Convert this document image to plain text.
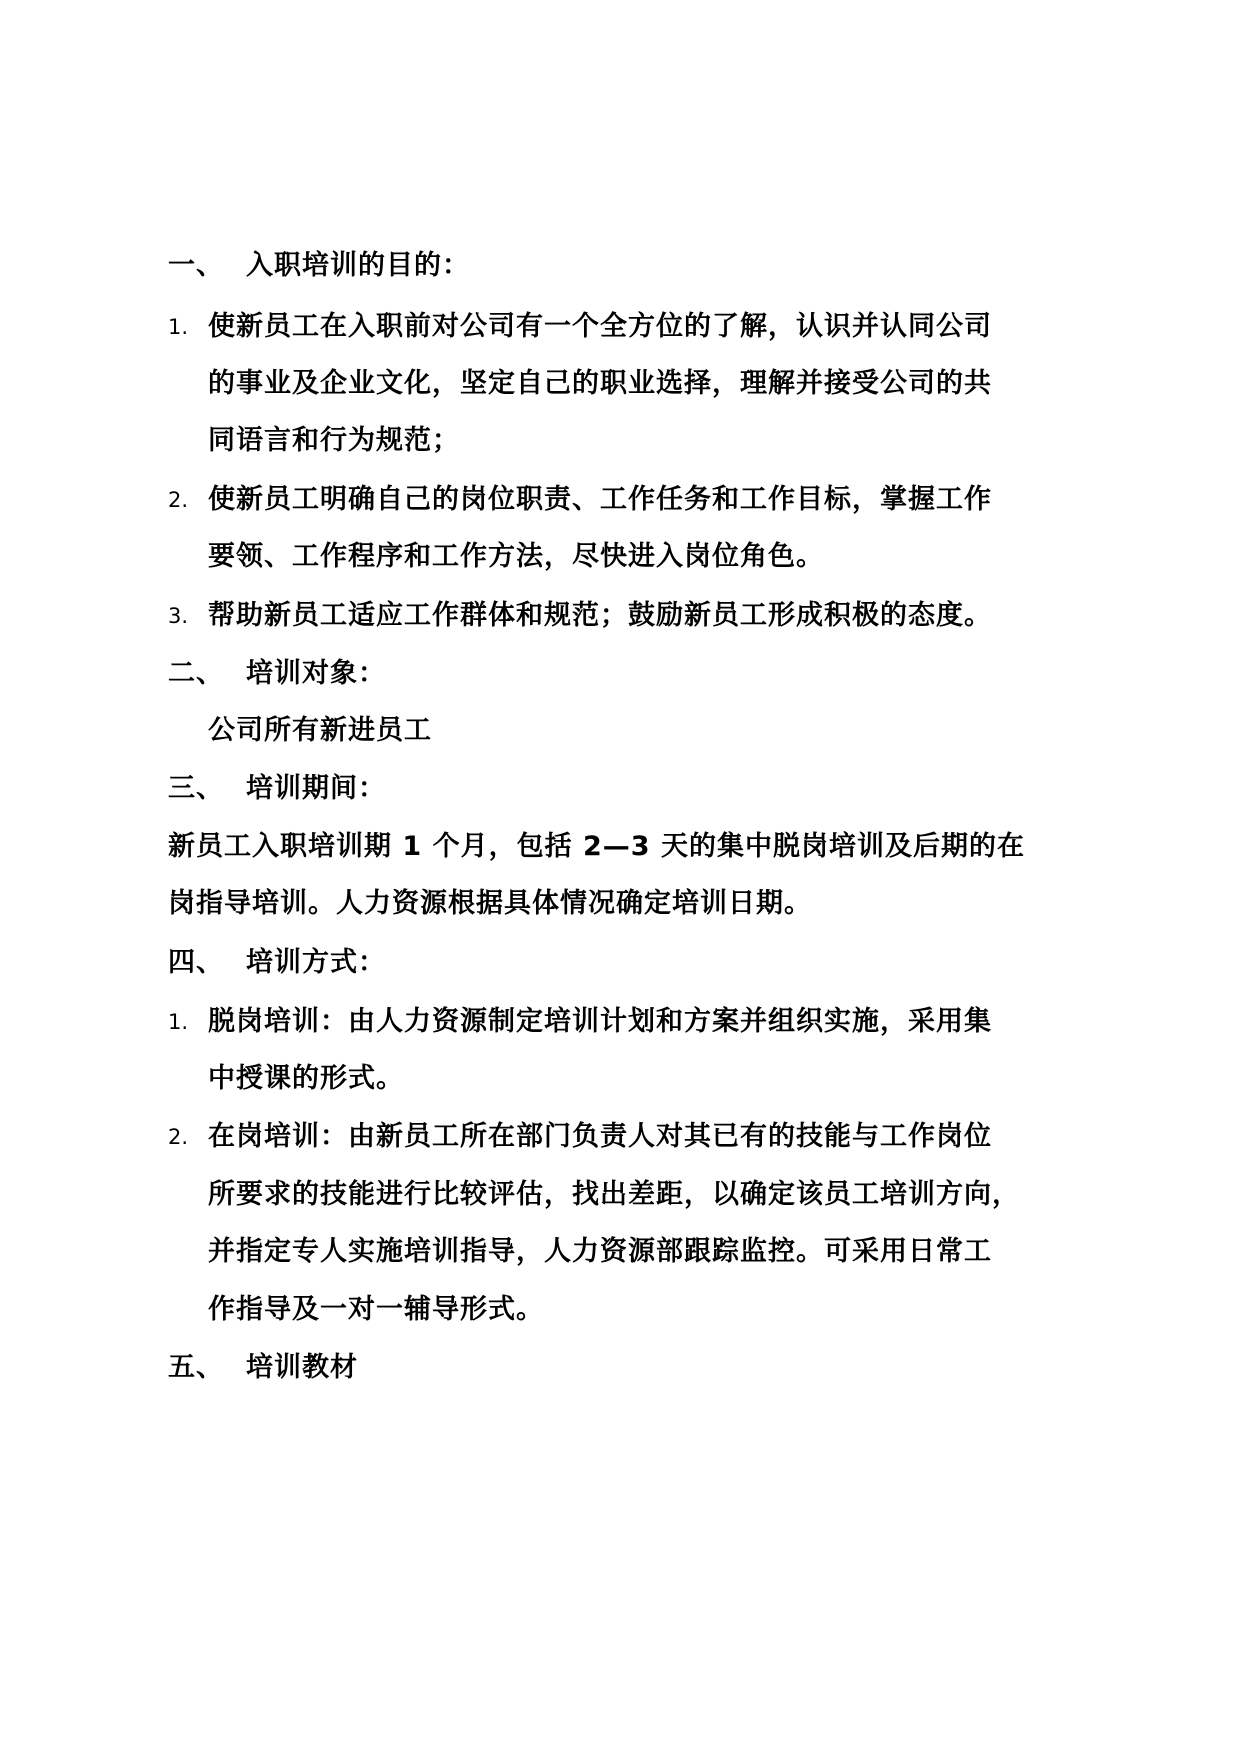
一、 入职培训的目的：
1. 使新员工在入职前对公司有一个全方位的了解，认识并认同公司
的事业及企业文化，坚定自己的职业选择，理解并接受公司的共
同语言和行为规范；
2. 使新员工明确自己的岗位职责、工作任务和工作目标，掌握工作
要领、工作程序和工作方法，尽快进入岗位角色。
3. 帮助新员工适应工作群体和规范；鼓励新员工形成积极的态度。
二、 培训对象：
公司所有新进员工
三、 培训期间：
新员工入职培训期 1 个月，包括 2—3 天的集中脱岗培训及后期的在
岗指导培训。人力资源根据具体情况确定培训日期。
四、 培训方式：
1. 脱岗培训：由人力资源制定培训计划和方案并组织实施，采用集
中授课的形式。
2. 在岗培训：由新员工所在部门负责人对其已有的技能与工作岗位
所要求的技能进行比较评估，找出差距，以确定该员工培训方向，
并指定专人实施培训指导，人力资源部跟踪监控。可采用日常工
作指导及一对一辅导形式。
五、 培训教材
